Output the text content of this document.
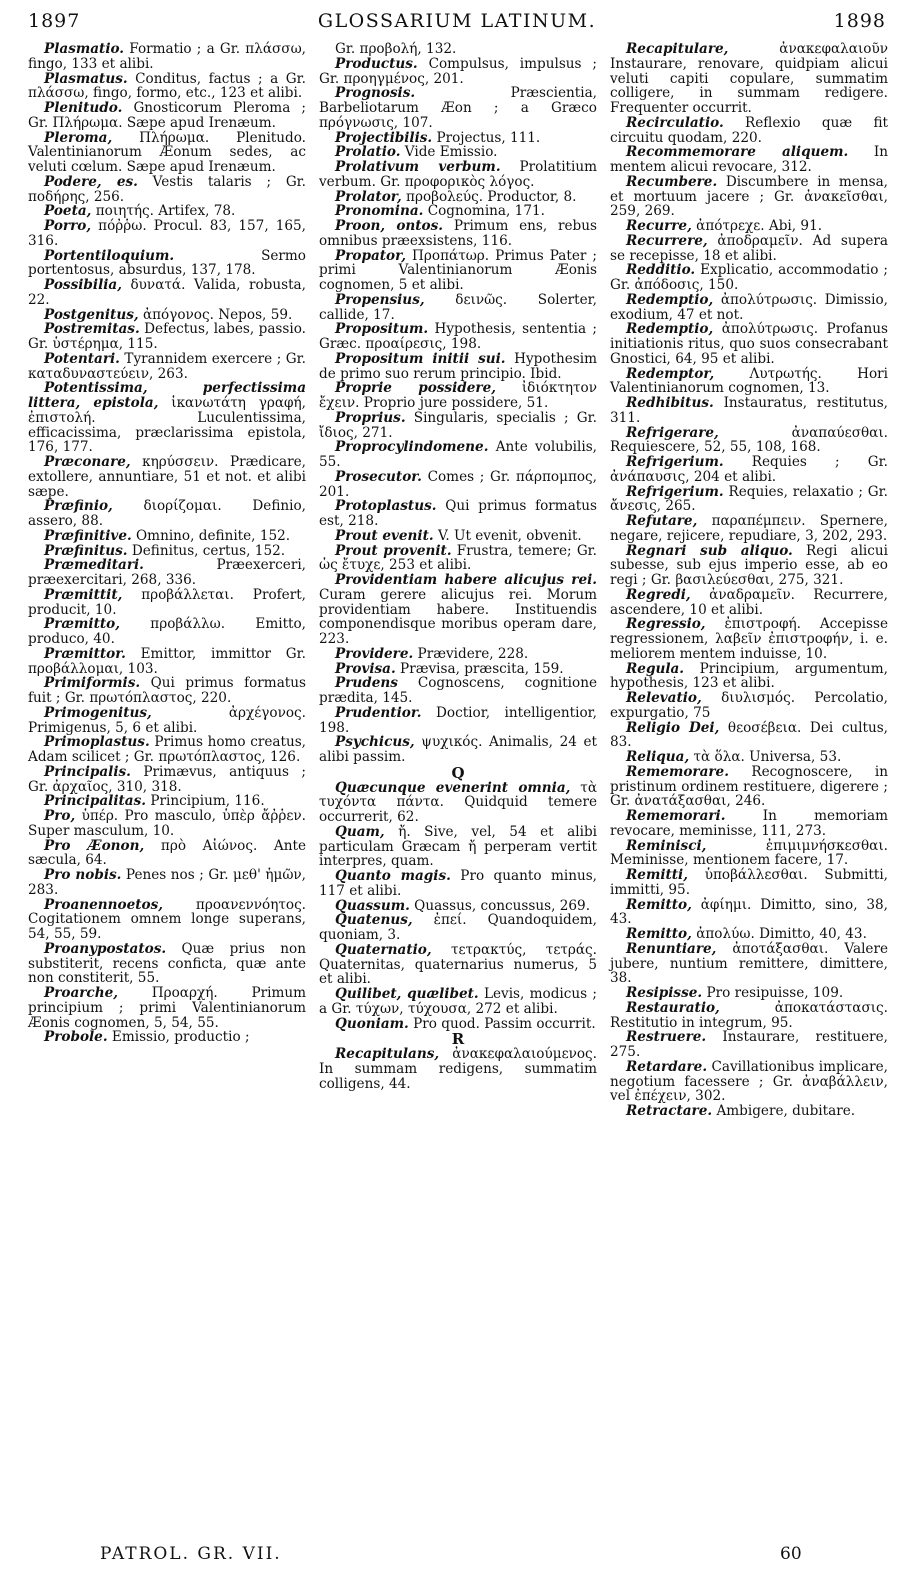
1897	GLOSSARIUM LATINUM.	1898

Plasmatio. Formatio ; a Gr. πλάσσω, fingo, 133 et alibi.

Plasmatus. Conditus, factus ; a Gr. πλάσσω, fingo, formo, etc., 123 et alibi.

Plenitudo. Gnosticorum Pleroma ; Gr. Πλήρωμα. Sæpe apud Irenæum.

Pleroma, Πλήρωμα. Plenitudo. Valentinianorum Æonum sedes, ac veluti cœlum. Sæpe apud Irenæum.

Podere, es. Vestis talaris ; Gr. ποδήρης, 256.

Poeta, ποιητής. Artifex, 78.

Porro, πόῤῥω. Procul. 83, 157, 165, 316.

Portentiloquium.	Sermo portentosus, absurdus, 137, 178.

Possibilia, δυνατά. Valida, robusta, 22.

Postgenitus, ἀπόγονος. Nepos, 59.

Postremitas. Defectus, labes, passio. Gr. ὑστέρημα, 115.

Potentari. Tyrannidem exercere ; Gr. καταδυναστεύειν, 263.

Potentissima, perfectissima littera, epistola, ἱκανωτάτη γραφή, ἐπιστολή. Luculentissima, efficacissima, præclarissima epistola, 176, 177.

Præconare, κηρύσσειν. Prædicare, extollere, annuntiare, 51 et not. et alibi sæpe.

Præfinio, διορίζομαι. Definio, assero, 88.

Præfinitive. Omnino, definite, 152.

Præfinitus. Definitus, certus, 152.

Præmeditari.	Præexerceri, præexercitari, 268, 336.

Præmittit, προβάλλεται. Profert, producit, 10.

Præmitto, προβάλλω. Emitto, produco, 40.

Præmittor. Emittor, immittor Gr. προβάλλομαι, 103.

Primiformis. Qui primus formatus fuit ; Gr. πρωτόπλαστος, 220.

Primogenitus,	ἀρχέγονος. Primigenus, 5, 6 et alibi.

Primoplastus. Primus homo creatus, Adam scilicet ; Gr. πρωτόπλαστος, 126.

Principalis. Primævus, antiquus ; Gr. ἀρχαῖος, 310, 318.

Principalitas. Principium, 116.

Pro, ὑπέρ. Pro masculo, ὑπὲρ ἄῤῥεν. Super masculum, 10.

Pro Æonon, πρὸ Αἰώνος. Ante sæcula, 64.

Pro nobis. Penes nos ; Gr. μεθ' ἡμῶν, 283.

Proanennoetos, προανεννόητος. Cogitationem omnem longe superans, 54, 55, 59.

Proanypostatos. Quæ prius non substiterit, recens conficta, quæ ante non constiterit, 55.

Proarche, Προαρχή. Primum principium ; primi Valentinianorum Æonis cognomen, 5, 54, 55.

Probole. Emissio, productio ;

Gr. προβολή, 132.

Productus. Compulsus, impulsus ; Gr. προηγμένος, 201.

Prognosis.	Præscientia, Barbeliotarum Æon ; a Græco πρόγνωσις, 107.

Projectibilis. Projectus, 111.

Prolatio. Vide Emissio.

Prolativum verbum. Prolatitium verbum. Gr. προφορικὸς λόγος.

Prolator, προβολεύς. Productor, 8.

Pronomina. Cognomina, 171.

Proon, ontos. Primum ens, rebus omnibus præexsistens, 116.

Propator, Προπάτωρ. Primus Pater ; primi Valentinianorum Æonis cognomen, 5 et alibi.

Propensius, δεινῶς. Solerter, callide, 17.

Propositum. Hypothesis, sententia ; Græc. προαίρεσις, 198.

Propositum initii sui. Hypothesim de primo suo rerum principio. Ibid.

Proprie possidere, ἰδιόκτητον ἔχειν. Proprio jure possidere, 51.

Proprius. Singularis, specialis ; Gr. ἴδιος, 271.

Proprocylindomene. Ante volubilis, 55.

Prosecutor. Comes ; Gr. πάρπομπος, 201.

Protoplastus. Qui primus formatus est, 218.

Prout evenit. V. Ut evenit, obvenit.

Prout provenit. Frustra, temere; Gr. ὡς ἔτυχε, 253 et alibi.

Providentiam habere alicujus rei. Curam gerere alicujus rei. Morum providentiam habere. Instituendis componendisque moribus operam dare, 223.

Providere. Prævidere, 228.

Provisa. Prævisa, præscita, 159.

Prudens Cognoscens, cognitione prædita, 145.

Prudentior. Doctior, intelligentior, 198.

Psychicus, ψυχικός. Animalis, 24 et alibi passim.

Q

Quæcunque evenerint omnia, τὰ τυχόντα πάντα. Quidquid temere occurrerit, 62.

Quam, ἤ. Sive, vel, 54 et alibi particulam Græcam ἤ perperam vertit interpres, quam.

Quanto magis. Pro quanto minus, 117 et alibi.

Quassum. Quassus, concussus, 269.

Quatenus, ἐπεί. Quandoquidem, quoniam, 3.

Quaternatio, τετρακτύς, τετράς. Quaternitas, quaternarius numerus, 5 et alibi.

Quilibet, quælibet. Levis, modicus ; a Gr. τύχων, τύχουσα, 272 et alibi.

Quoniam. Pro quod. Passim occurrit.

R

Recapitulans, ἀνακεφαλαιούμενος. In summam redigens, summatim colligens, 44.

Recapitulare,	ἀνακεφαλαιοῦν Instaurare, renovare, quidpiam alicui veluti capiti copulare, summatim colligere, in summam redigere. Frequenter occurrit.

Recirculatio. Reflexio quæ fit circuitu quodam, 220.

Recommemorare aliquem. In mentem alicui revocare, 312.

Recumbere. Discumbere in mensa, et mortuum jacere ; Gr. ἀνακεῖσθαι, 259, 269.

Recurre, ἀπότρεχε. Abi, 91.

Recurrere, ἀποδραμεῖν. Ad supera se recepisse, 18 et alibi.

Redditio. Explicatio, accommodatio ; Gr. ἀπόδοσις, 150.

Redemptio, ἀπολύτρωσις. Dimissio, exodium, 47 et not.

Redemptio, ἀπολύτρωσις. Profanus initiationis ritus, quo suos consecrabant Gnostici, 64, 95 et alibi.

Redemptor,	Λυτρωτής. Hori Valentinianorum cognomen, 13.

Redhibitus. Instauratus, restitutus, 311.

Refrigerare,	ἀναπαύεσθαι. Requiescere, 52, 55, 108, 168.

Refrigerium. Requies ; Gr. ἀνάπαυσις, 204 et alibi.

Refrigerium. Requies, relaxatio ; Gr. ἄνεσις, 265.

Refutare, παραπέμπειν. Spernere, negare, rejicere, repudiare, 3, 202, 293.

Regnari sub aliquo. Regi alicui subesse, sub ejus imperio esse, ab eo regi ; Gr. βασιλεύεσθαι, 275, 321.

Regredi, ἀναδραμεῖν. Recurrere, ascendere, 10 et alibi.

Regressio, ἐπιστροφή. Accepisse regressionem, λαβεῖν ἐπιστροφήν, i. e. meliorem mentem induisse, 10.

Regula. Principium, argumentum, hypothesis, 123 et alibi.

Relevatio, διυλισμός. Percolatio, expurgatio, 75

Religio Dei, θεοσέβεια. Dei cultus, 83.

Reliqua, τὰ ὅλα. Universa, 53.

Rememorare. Recognoscere, in pristinum ordinem restituere, digerere ; Gr. ἀνατάξασθαι, 246.

Rememorari.	In memoriam revocare, meminisse, 111, 273.

Reminisci,	ἐπιμιμνήσκεσθαι. Meminisse, mentionem facere, 17.

Remitti, ὑποβάλλεσθαι. Submitti, immitti, 95.

Remitto, ἀφίημι. Dimitto, sino, 38, 43.

Remitto, ἀπολύω. Dimitto, 40, 43.

Renuntiare, ἀποτάξασθαι. Valere jubere, nuntium remittere, dimittere, 38.

Resipisse. Pro resipuisse, 109.

Restauratio,	ἀποκατάστασις. Restitutio in integrum, 95.

Restruere. Instaurare, restituere, 275.

Retardare. Cavillationibus implicare, negotium facessere ; Gr. ἀναβάλλειν, vel ἐπέχειν, 302.

Retractare. Ambigere, dubitare.

PATROL. GR. VII.	60
